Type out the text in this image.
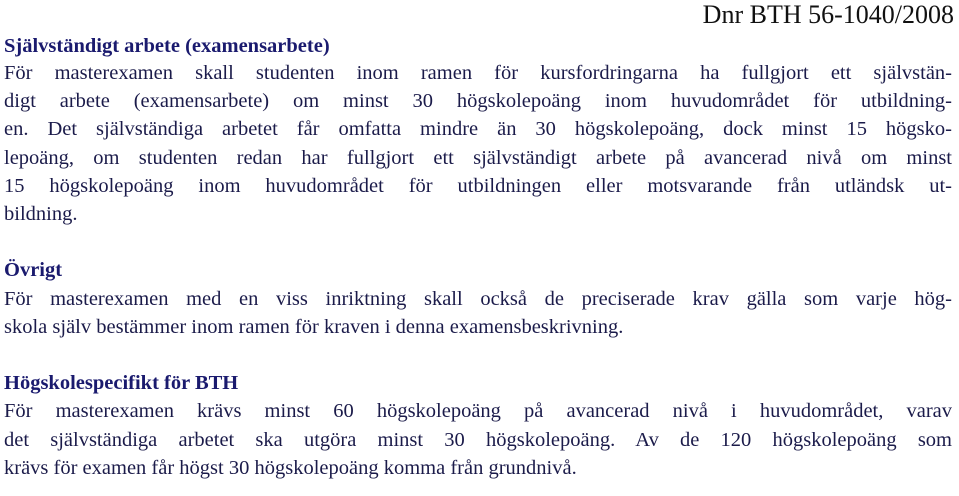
Dnr BTH 56-1040/2008
Självständigt arbete (examensarbete)
För masterexamen skall studenten inom ramen för kursfordringarna ha fullgjort ett självstän-
digt arbete (examensarbete) om minst 30 högskolepoäng inom huvudområdet för utbildning-
en. Det självständiga arbetet får omfatta mindre än 30 högskolepoäng, dock minst 15 högsko-
lepoäng, om studenten redan har fullgjort ett självständigt arbete på avancerad nivå om minst
15 högskolepoäng inom huvudområdet för utbildningen eller motsvarande från utländsk ut-
bildning.
Övrigt
För masterexamen med en viss inriktning skall också de preciserade krav gälla som varje hög-
skola själv bestämmer inom ramen för kraven i denna examensbeskrivning.
Högskolespecifikt för BTH
För masterexamen krävs minst 60 högskolepoäng på avancerad nivå i huvudområdet, varav
det självständiga arbetet ska utgöra minst 30 högskolepoäng. Av de 120 högskolepoäng som
krävs för examen får högst 30 högskolepoäng komma från grundnivå.
